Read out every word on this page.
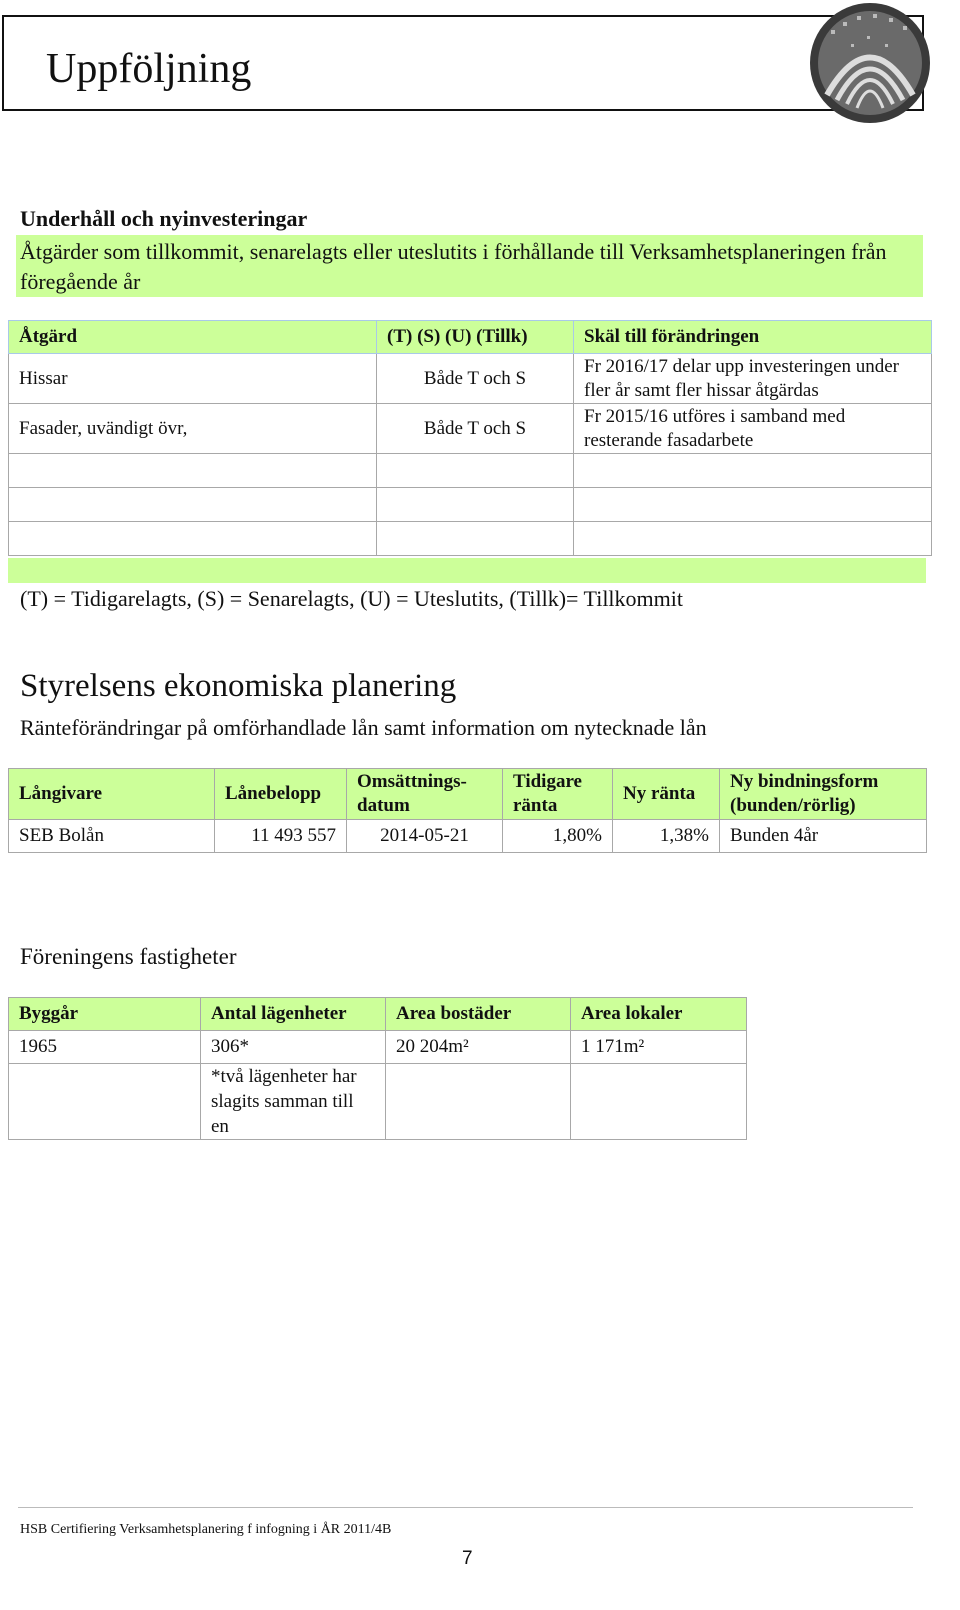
Uppföljning
Underhåll och nyinvesteringar
Åtgärder som tillkommit, senarelagts eller uteslutits i förhållande till Verksamhetsplaneringen från föregående år
Åtgärd	(T) (S) (U) (Tillk)	Skäl till förändringen
Hissar	Både T och S	Fr 2016/17 delar upp investeringen under fler år samt fler hissar åtgärdas
Fasader, uvändigt övr,	Både T och S	Fr 2015/16 utföres i samband med resterande fasadarbete

(T) = Tidigarelagts, (S) = Senarelagts, (U) = Uteslutits, (Tillk)= Tillkommit
Styrelsens ekonomiska planering
Ränteförändringar på omförhandlade lån samt information om nytecknade lån
Långivare	Lånebelopp	Omsättnings-datum	Tidigare ränta	Ny ränta	Ny bindningsform (bunden/rörlig)
SEB Bolån	11 493 557	2014-05-21	1,80%	1,38%	Bunden 4år
Föreningens fastigheter
Byggår	Antal lägenheter	Area bostäder	Area lokaler
1965	306*	20 204m²	1 171m²
	*två lägenheter har slagits samman till en		
HSB Certifiering Verksamhetsplanering f infogning i ÅR 2011/4B
7
